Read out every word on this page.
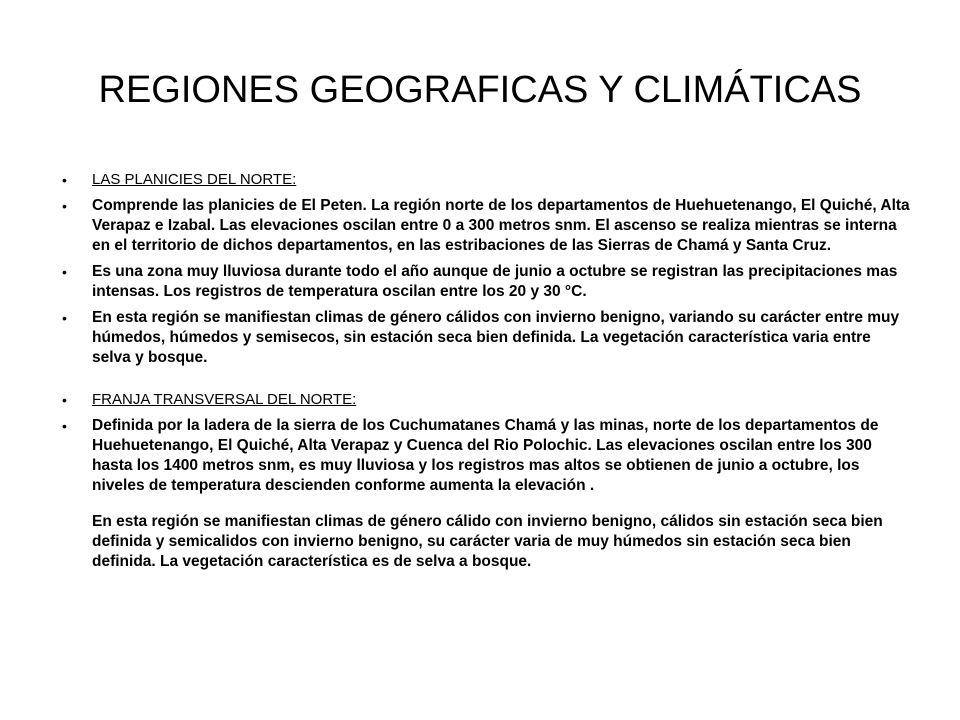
REGIONES GEOGRAFICAS Y CLIMÁTICAS
• LAS PLANICIES DEL NORTE:
• Comprende las planicies de El Peten. La región norte de los departamentos de Huehuetenango, El Quiché, Alta Verapaz e Izabal. Las elevaciones oscilan entre 0 a 300 metros snm. El ascenso se realiza mientras se interna en el territorio de dichos departamentos, en las estribaciones de las Sierras de Chamá y Santa Cruz.
• Es una zona muy lluviosa durante todo el año aunque de junio a octubre se registran las precipitaciones mas intensas. Los registros de temperatura oscilan entre los 20 y 30 °C.
• En esta región se manifiestan climas de género cálidos con invierno benigno, variando su carácter entre muy húmedos, húmedos y semisecos, sin estación seca bien definida. La vegetación característica varia entre selva y bosque.
• FRANJA TRANSVERSAL DEL NORTE:
• Definida por la ladera de la sierra de los Cuchumatanes Chamá y las minas, norte de los departamentos de Huehuetenango, El Quiché, Alta Verapaz y Cuenca del Rio Polochic. Las elevaciones oscilan entre los 300 hasta los 1400 metros snm, es muy lluviosa y los registros mas altos se obtienen de junio a octubre, los niveles de temperatura descienden conforme aumenta la elevación .
En esta región se manifiestan climas de género cálido con invierno benigno, cálidos sin estación seca bien definida y semicalidos con invierno benigno, su carácter varia de muy húmedos sin estación seca bien definida. La vegetación característica es de selva a bosque.
